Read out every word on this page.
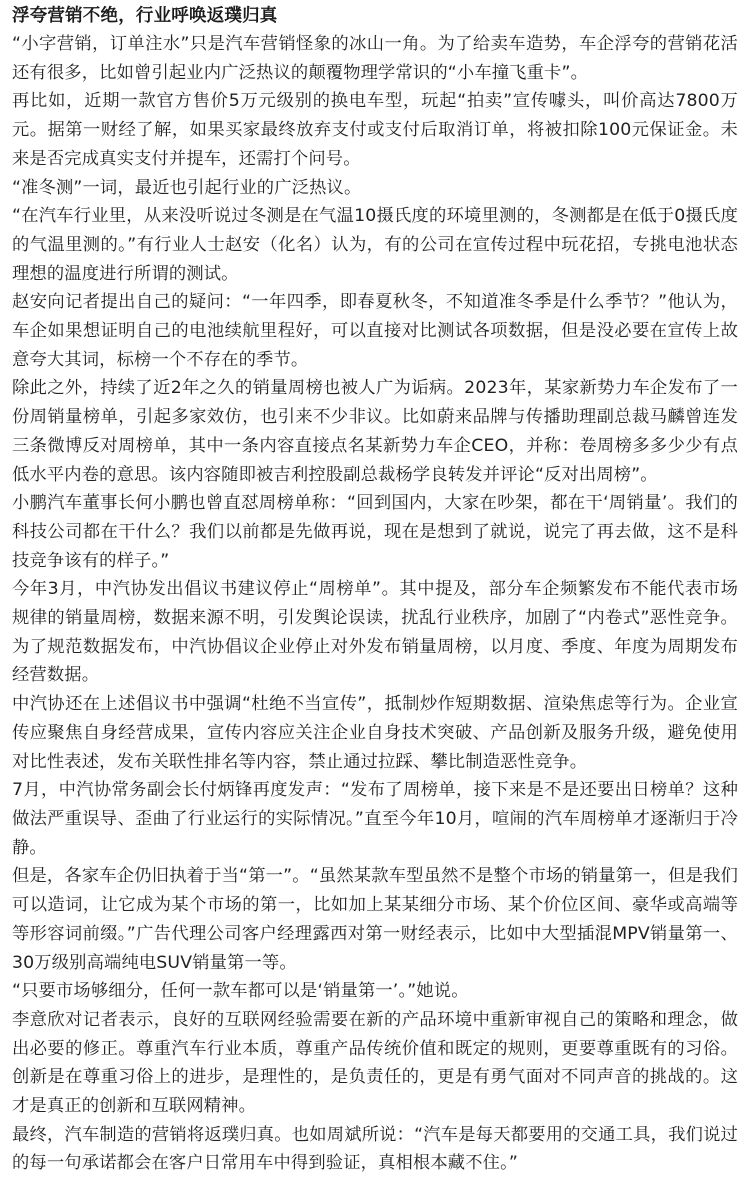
浮夸营销不绝，行业呼唤返璞归真

“小字营销，订单注水”只是汽车营销怪象的冰山一角。为了给卖车造势，车企浮夸的营销花活还有很多，比如曾引起业内广泛热议的颠覆物理学常识的“小车撞飞重卡”。

再比如，近期一款官方售价5万元级别的换电车型，玩起“拍卖”宣传噱头，叫价高达7800万元。据第一财经了解，如果买家最终放弃支付或支付后取消订单，将被扣除100元保证金。未来是否完成真实支付并提车，还需打个问号。

“准冬测”一词，最近也引起行业的广泛热议。

“在汽车行业里，从来没听说过冬测是在气温10摄氏度的环境里测的，冬测都是在低于0摄氏度的气温里测的。”有行业人士赵安（化名）认为，有的公司在宣传过程中玩花招，专挑电池状态理想的温度进行所谓的测试。

赵安向记者提出自己的疑问：“一年四季，即春夏秋冬，不知道准冬季是什么季节？”他认为，车企如果想证明自己的电池续航里程好，可以直接对比测试各项数据，但是没必要在宣传上故意夸大其词，标榜一个不存在的季节。

除此之外，持续了近2年之久的销量周榜也被人广为诟病。2023年，某家新势力车企发布了一份周销量榜单，引起多家效仿，也引来不少非议。比如蔚来品牌与传播助理副总裁马麟曾连发三条微博反对周榜单，其中一条内容直接点名某新势力车企CEO，并称：卷周榜多多少少有点低水平内卷的意思。该内容随即被吉利控股副总裁杨学良转发并评论“反对出周榜”。

小鹏汽车董事长何小鹏也曾直怼周榜单称：“回到国内，大家在吵架，都在干‘周销量’。我们的科技公司都在干什么？我们以前都是先做再说，现在是想到了就说，说完了再去做，这不是科技竞争该有的样子。”

今年3月，中汽协发出倡议书建议停止“周榜单”。其中提及，部分车企频繁发布不能代表市场规律的销量周榜，数据来源不明，引发舆论误读，扰乱行业秩序，加剧了“内卷式”恶性竞争。为了规范数据发布，中汽协倡议企业停止对外发布销量周榜，以月度、季度、年度为周期发布经营数据。

中汽协还在上述倡议书中强调“杜绝不当宣传”，抵制炒作短期数据、渲染焦虑等行为。企业宣传应聚焦自身经营成果，宣传内容应关注企业自身技术突破、产品创新及服务升级，避免使用对比性表述，发布关联性排名等内容，禁止通过拉踩、攀比制造恶性竞争。

7月，中汽协常务副会长付炳锋再度发声：“发布了周榜单，接下来是不是还要出日榜单？这种做法严重误导、歪曲了行业运行的实际情况。”直至今年10月，喧闹的汽车周榜单才逐渐归于冷静。

但是，各家车企仍旧执着于当“第一”。“虽然某款车型虽然不是整个市场的销量第一，但是我们可以造词，让它成为某个市场的第一，比如加上某某细分市场、某个价位区间、豪华或高端等等形容词前缀。”广告代理公司客户经理露西对第一财经表示，比如中大型插混MPV销量第一、30万级别高端纯电SUV销量第一等。

“只要市场够细分，任何一款车都可以是‘销量第一’。”她说。

李意欣对记者表示，良好的互联网经验需要在新的产品环境中重新审视自己的策略和理念，做出必要的修正。尊重汽车行业本质，尊重产品传统价值和既定的规则，更要尊重既有的习俗。创新是在尊重习俗上的进步，是理性的，是负责任的，更是有勇气面对不同声音的挑战的。这才是真正的创新和互联网精神。

最终，汽车制造的营销将返璞归真。也如周斌所说：“汽车是每天都要用的交通工具，我们说过的每一句承诺都会在客户日常用车中得到验证，真相根本藏不住。”
